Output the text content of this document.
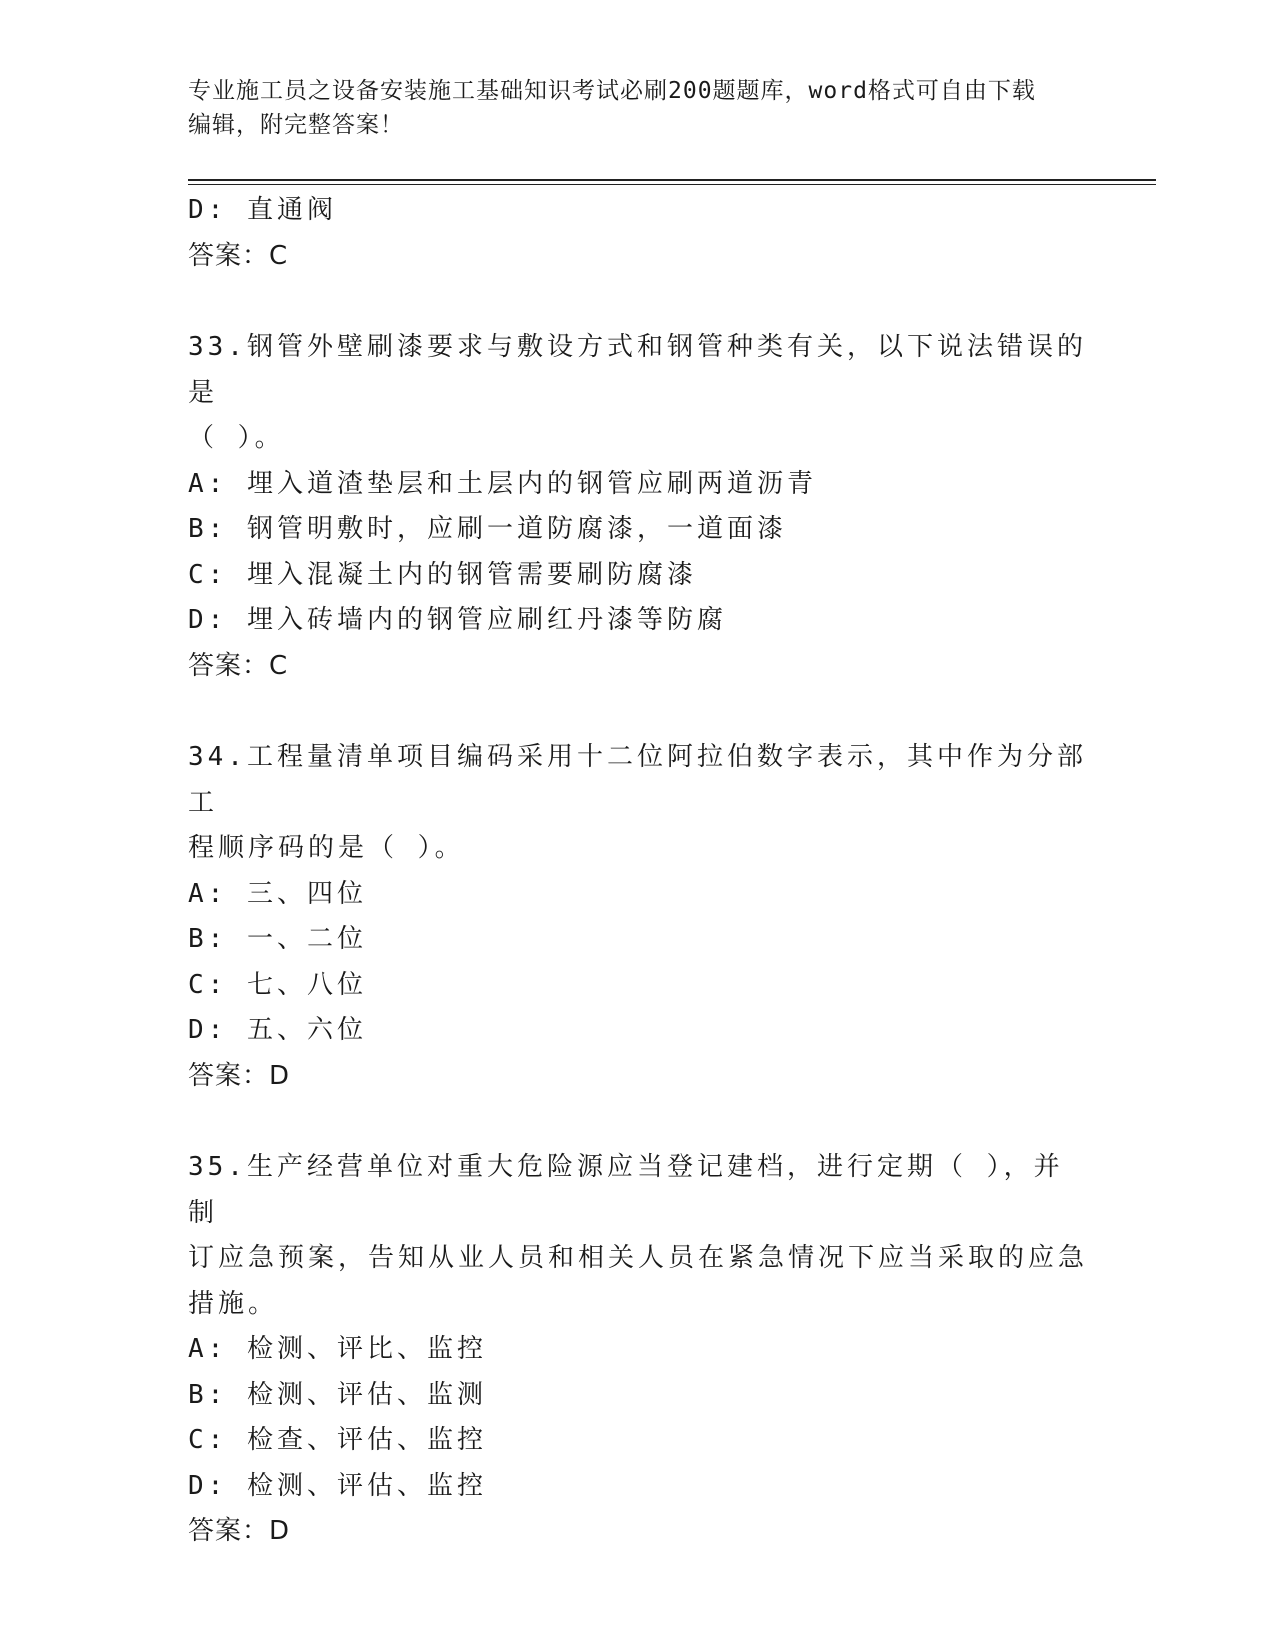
专业施工员之设备安装施工基础知识考试必刷200题题库，word格式可自由下载
编辑，附完整答案！
D: 直通阀
答案：C
33.钢管外壁刷漆要求与敷设方式和钢管种类有关，以下说法错误的是
（ ）。
A: 埋入道渣垫层和土层内的钢管应刷两道沥青
B: 钢管明敷时，应刷一道防腐漆，一道面漆
C: 埋入混凝土内的钢管需要刷防腐漆
D: 埋入砖墙内的钢管应刷红丹漆等防腐
答案：C
34.工程量清单项目编码采用十二位阿拉伯数字表示，其中作为分部工
程顺序码的是（ ）。
A: 三、四位
B: 一、二位
C: 七、八位
D: 五、六位
答案：D
35.生产经营单位对重大危险源应当登记建档，进行定期（ ），并制
订应急预案，告知从业人员和相关人员在紧急情况下应当采取的应急
措施。
A: 检测、评比、监控
B: 检测、评估、监测
C: 检查、评估、监控
D: 检测、评估、监控
答案：D
